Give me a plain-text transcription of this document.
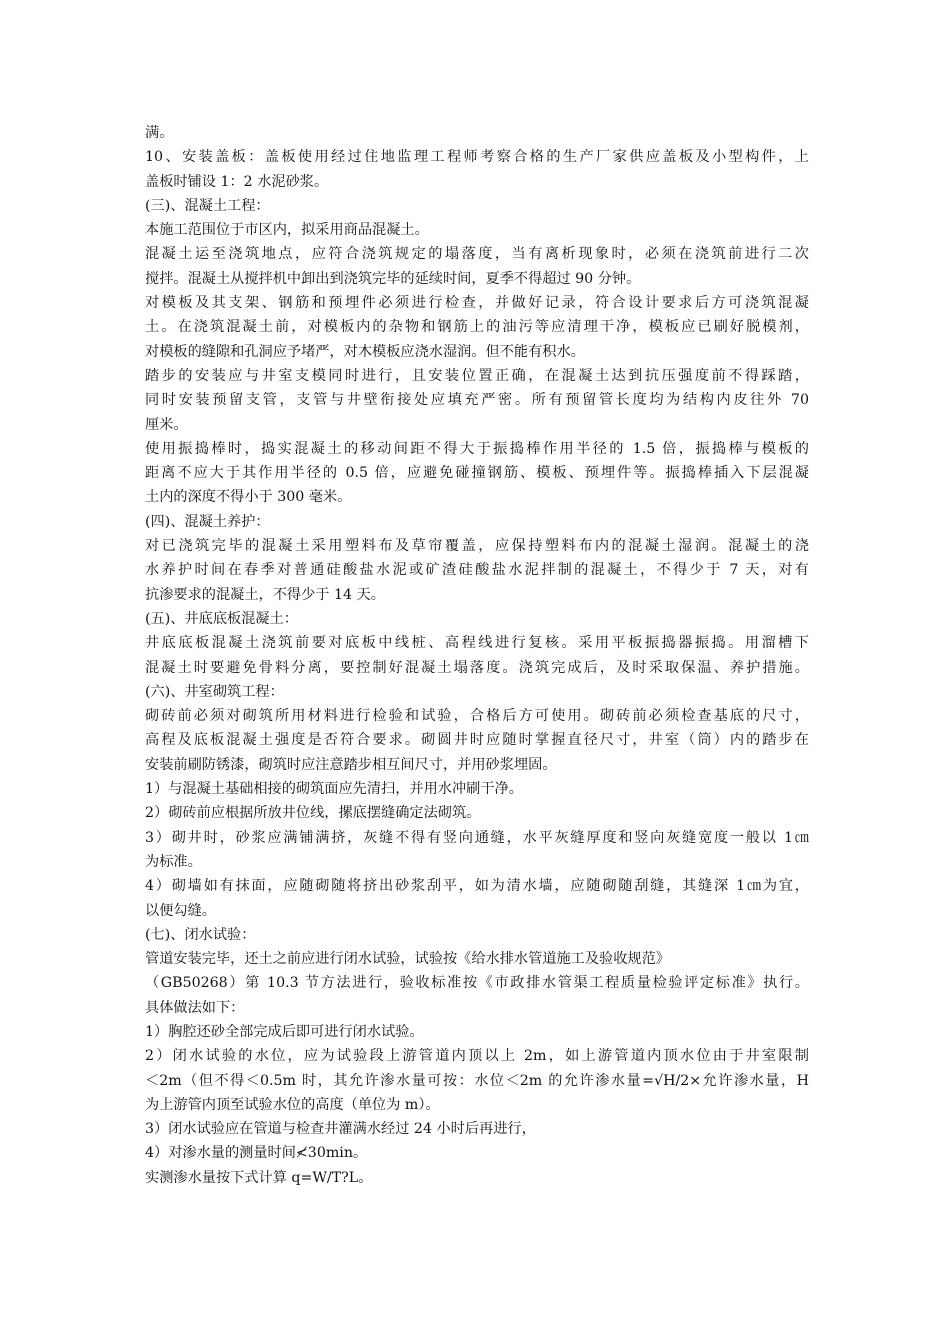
满。
10、安装盖板：盖板使用经过住地监理工程师考察合格的生产厂家供应盖板及小型构件，上
盖板时铺设 1：2 水泥砂浆。
(三)、混凝土工程：
本施工范围位于市区内，拟采用商品混凝土。
混凝土运至浇筑地点，应符合浇筑规定的塌落度，当有离析现象时，必须在浇筑前进行二次
搅拌。混凝土从搅拌机中卸出到浇筑完毕的延续时间，夏季不得超过 90 分钟。
对模板及其支架、钢筋和预埋件必须进行检查，并做好记录，符合设计要求后方可浇筑混凝
土。在浇筑混凝土前，对模板内的杂物和钢筋上的油污等应清理干净，模板应已刷好脱模剂，
对模板的缝隙和孔洞应予堵严，对木模板应浇水湿润。但不能有积水。
踏步的安装应与井室支模同时进行，且安装位置正确，在混凝土达到抗压强度前不得踩踏，
同时安装预留支管，支管与井壁衔接处应填充严密。所有预留管长度均为结构内皮往外 70
厘米。
使用振捣棒时，捣实混凝土的移动间距不得大于振捣棒作用半径的 1.5 倍，振捣棒与模板的
距离不应大于其作用半径的 0.5 倍，应避免碰撞钢筋、模板、预埋件等。振捣棒插入下层混凝
土内的深度不得小于 300 毫米。
(四)、混凝土养护：
对已浇筑完毕的混凝土采用塑料布及草帘覆盖，应保持塑料布内的混凝土湿润。混凝土的浇
水养护时间在春季对普通硅酸盐水泥或矿渣硅酸盐水泥拌制的混凝土，不得少于 7 天，对有
抗渗要求的混凝土，不得少于 14 天。
(五)、井底底板混凝土：
井底底板混凝土浇筑前要对底板中线桩、高程线进行复核。采用平板振捣器振捣。用溜槽下
混凝土时要避免骨料分离，要控制好混凝土塌落度。浇筑完成后，及时采取保温、养护措施。
(六)、井室砌筑工程：
砌砖前必须对砌筑所用材料进行检验和试验，合格后方可使用。砌砖前必须检查基底的尺寸，
高程及底板混凝土强度是否符合要求。砌圆井时应随时掌握直径尺寸，井室（筒）内的踏步在
安装前刷防锈漆，砌筑时应注意踏步相互间尺寸，并用砂浆埋固。
1）与混凝土基础相接的砌筑面应先清扫，并用水冲刷干净。
2）砌砖前应根据所放井位线，摞底摆缝确定法砌筑。
3）砌井时，砂浆应满铺满挤，灰缝不得有竖向通缝，水平灰缝厚度和竖向灰缝宽度一般以 1㎝
为标准。
4）砌墙如有抹面，应随砌随将挤出砂浆刮平，如为清水墙，应随砌随刮缝，其缝深 1㎝为宜，
以便勾缝。
(七)、闭水试验：
管道安装完毕，还土之前应进行闭水试验，试验按《给水排水管道施工及验收规范》
（GB50268）第 10.3 节方法进行，验收标准按《市政排水管渠工程质量检验评定标准》执行。
具体做法如下：
1）胸腔还砂全部完成后即可进行闭水试验。
2）闭水试验的水位，应为试验段上游管道内顶以上 2m，如上游管道内顶水位由于井室限制
＜2m（但不得＜0.5m 时，其允许渗水量可按：水位＜2m 的允许渗水量=√H/2×允许渗水量，H
为上游管内顶至试验水位的高度（单位为 m）。
3）闭水试验应在管道与检查井灌满水经过 24 小时后再进行，
4）对渗水量的测量时间≮30min。
实测渗水量按下式计算 q=W/T?L。
